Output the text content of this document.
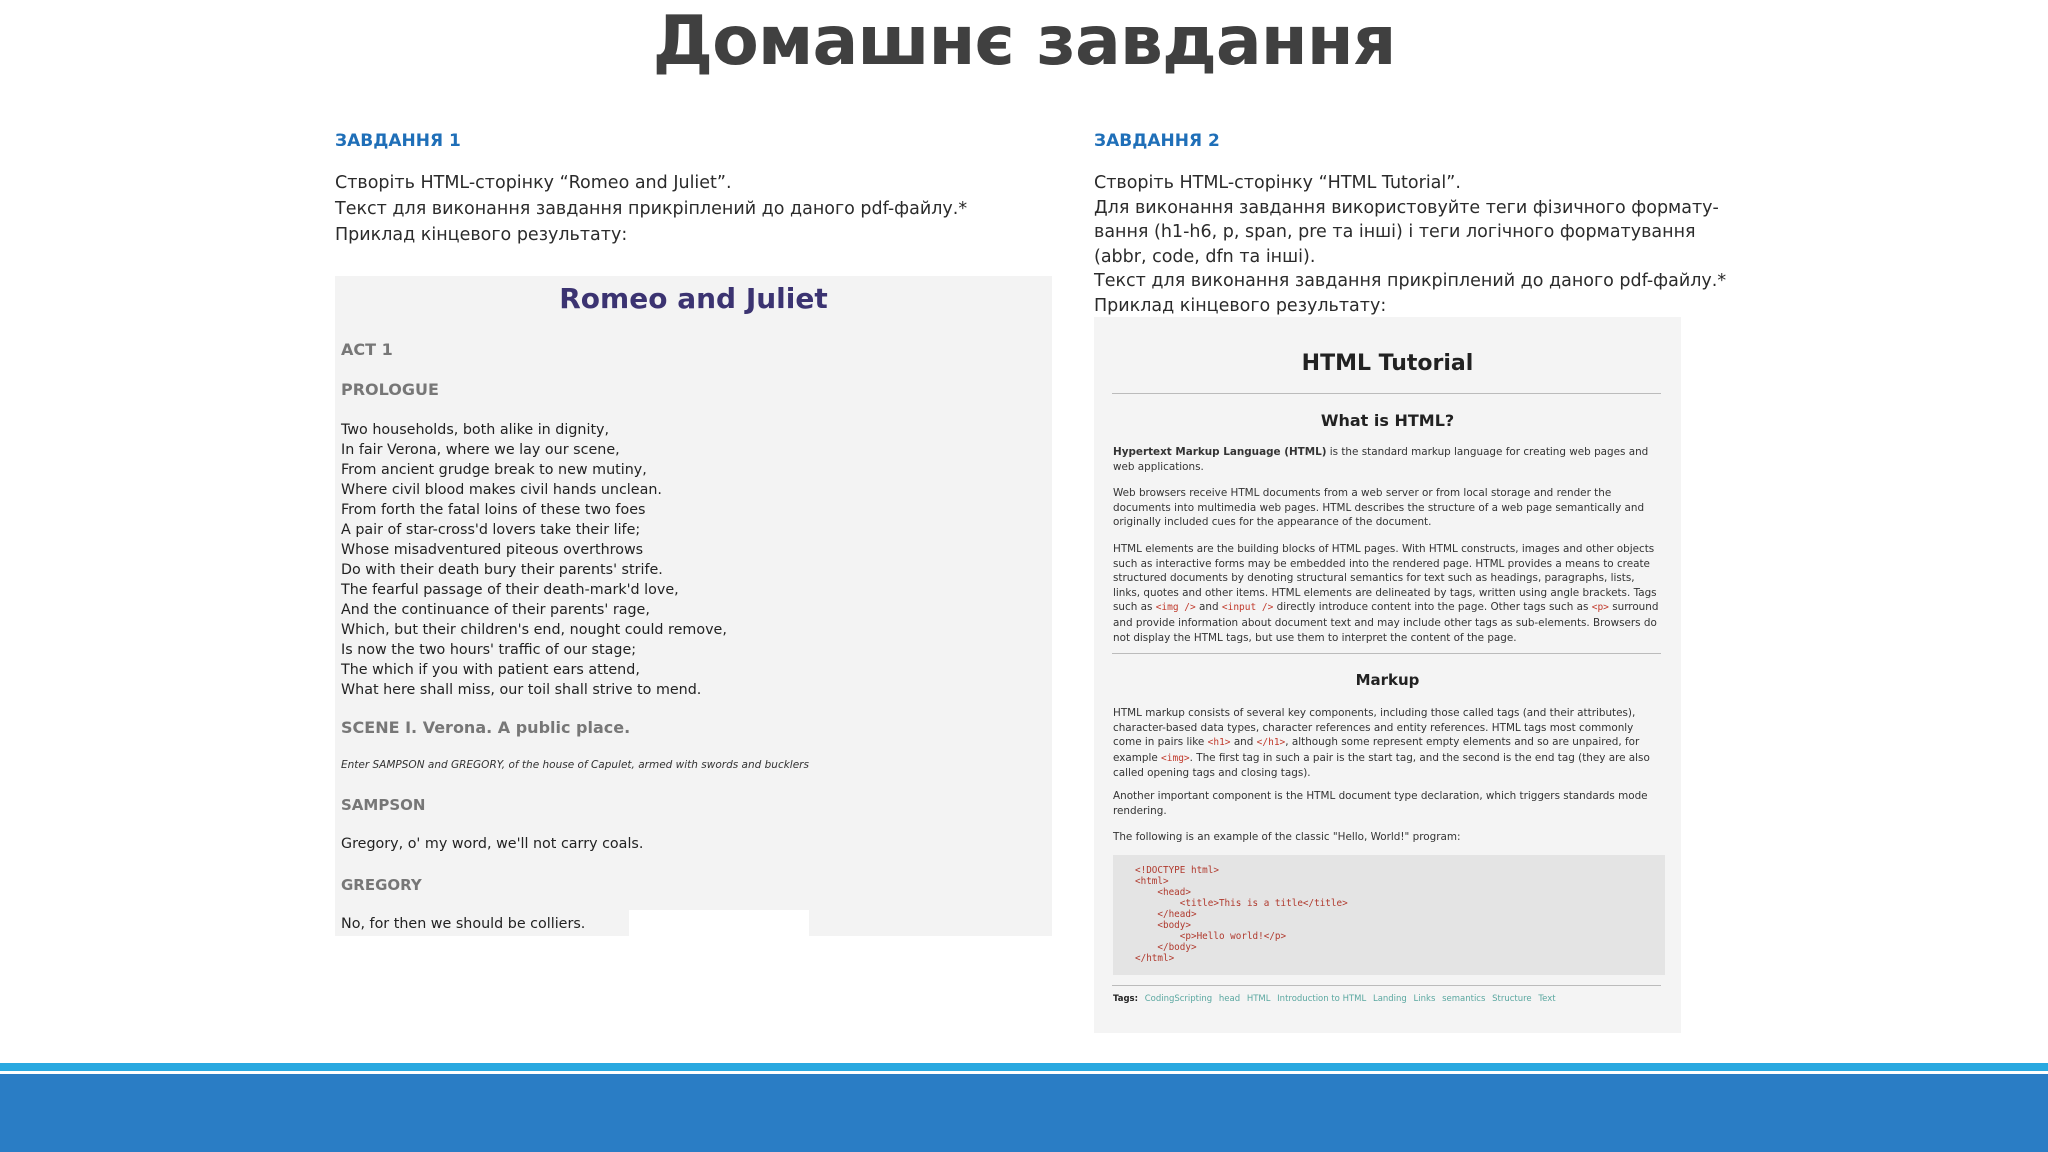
Домашнє завдання
ЗАВДАННЯ 1

Створіть HTML-сторінку “Romeo and Juliet”.

Текст для виконання завдання прикріплений до даного pdf-файлу.*

Приклад кінцевого результату:

Romeo and Juliet
ACT 1
PROLOGUE
Two households, both alike in dignity,
In fair Verona, where we lay our scene,
From ancient grudge break to new mutiny,
Where civil blood makes civil hands unclean.
From forth the fatal loins of these two foes
A pair of star-cross'd lovers take their life;
Whose misadventured piteous overthrows
Do with their death bury their parents' strife.
The fearful passage of their death-mark'd love,
And the continuance of their parents' rage,
Which, but their children's end, nought could remove,
Is now the two hours' traffic of our stage;
The which if you with patient ears attend,
What here shall miss, our toil shall strive to mend.
SCENE I. Verona. A public place.
Enter SAMPSON and GREGORY, of the house of Capulet, armed with swords and bucklers
SAMPSON
Gregory, o' my word, we'll not carry coals.
GREGORY
No, for then we should be colliers.
ЗАВДАННЯ 2

Створіть HTML-сторінку “HTML Tutorial”.

Для виконання завдання використовуйте теги фізичного формату-

вання (h1-h6, p, span, pre та інші) і теги логічного форматування

(abbr, code, dfn та інші).

Текст для виконання завдання прикріплений до даного pdf-файлу.*

Приклад кінцевого результату:

HTML Tutorial
What is HTML?
Hypertext Markup Language (HTML) is the standard markup language for creating web pages and web applications.
Web browsers receive HTML documents from a web server or from local storage and render the documents into multimedia web pages. HTML describes the structure of a web page semantically and originally included cues for the appearance of the document.
HTML elements are the building blocks of HTML pages. With HTML constructs, images and other objects such as interactive forms may be embedded into the rendered page. HTML provides a means to create structured documents by denoting structural semantics for text such as headings, paragraphs, lists, links, quotes and other items. HTML elements are delineated by tags, written using angle brackets. Tags such as <img /> and <input /> directly introduce content into the page. Other tags such as <p> surround and provide information about document text and may include other tags as sub-elements. Browsers do not display the HTML tags, but use them to interpret the content of the page.
Markup
HTML markup consists of several key components, including those called tags (and their attributes), character-based data types, character references and entity references. HTML tags most commonly come in pairs like <h1> and </h1>, although some represent empty elements and so are unpaired, for example <img>. The first tag in such a pair is the start tag, and the second is the end tag (they are also called opening tags and closing tags).
Another important component is the HTML document type declaration, which triggers standards mode rendering.
The following is an example of the classic "Hello, World!" program:
<!DOCTYPE html>
<html>
<head>
<title>This is a title</title>
</head>
<body>
<p>Hello world!</p>
</body>
</html>
Tags: CodingScripting head HTML Introduction to HTML Landing Links semantics Structure Text
